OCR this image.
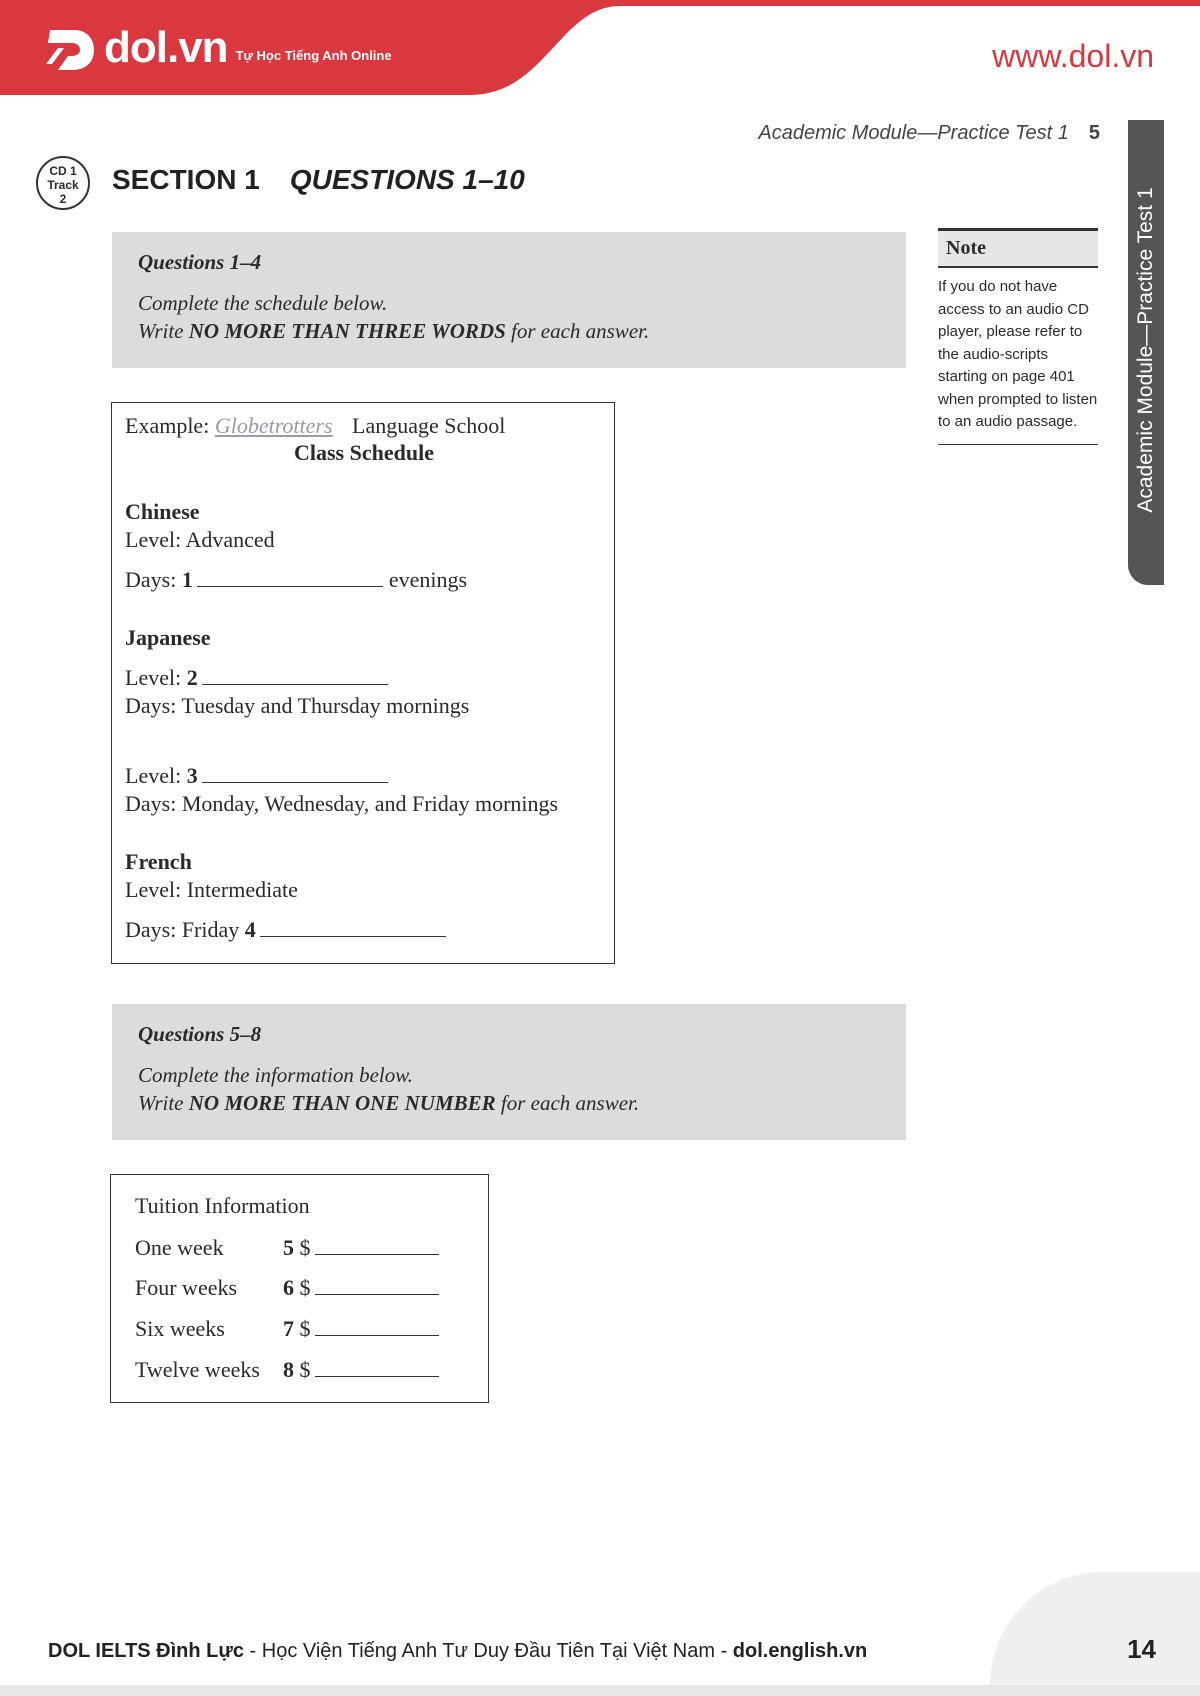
dol.vn Tự Học Tiếng Anh Online	www.dol.vn
Academic Module—Practice Test 1 5
Academic Module—Practice Test 1
CD 1
Track
2
SECTION 1 QUESTIONS 1–10
Questions 1–4

Complete the schedule below.

Write NO MORE THAN THREE WORDS for each answer.

Note
If you do not have access to an audio CD player, please refer to the audio-scripts starting on page 401 when prompted to listen to an audio passage.
Example: Globetrotters Language School
Class Schedule
Chinese
Level: Advanced
Days: 1	evenings
Japanese
Level: 2
Days: Tuesday and Thursday mornings
Level: 3
Days: Monday, Wednesday, and Friday mornings
French
Level: Intermediate
Days: Friday 4
Questions 5–8

Complete the information below.

Write NO MORE THAN ONE NUMBER for each answer.

Tuition Information
One week	5 $
Four weeks 6 $
Six weeks	7 $
Twelve weeks 8 $
DOL IELTS Đình Lực - Học Viện Tiếng Anh Tư Duy Đầu Tiên Tại Việt Nam - dol.english.vn	14
